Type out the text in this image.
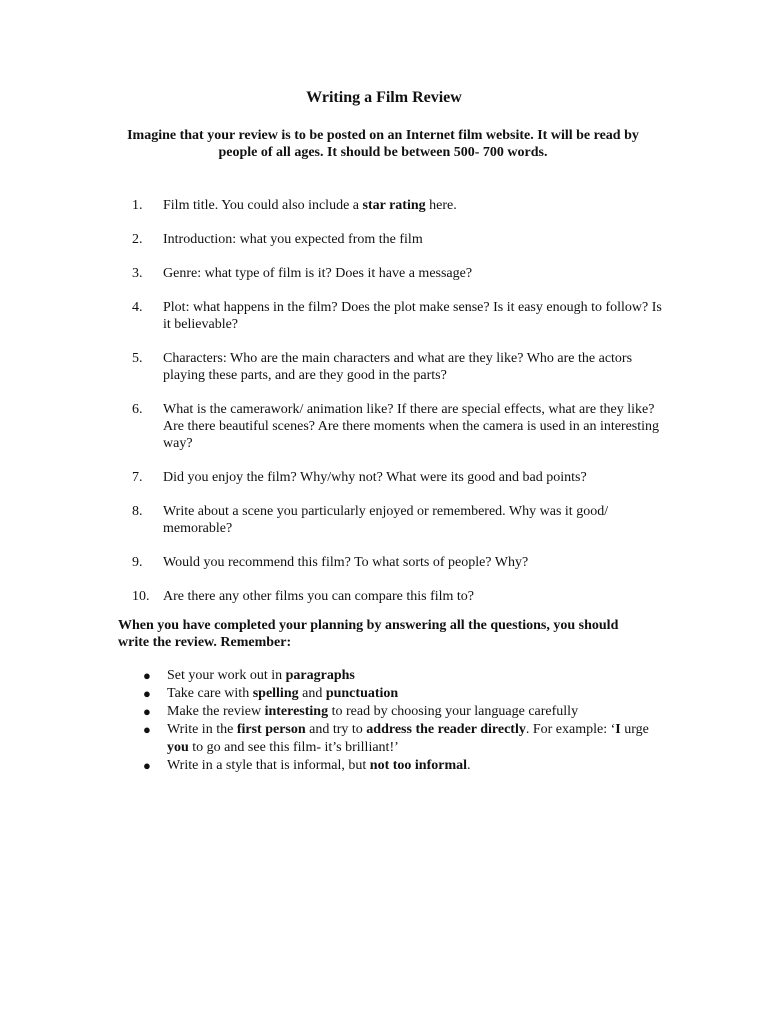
Writing a Film Review
Imagine that your review is to be posted on an Internet film website. It will be read by people of all ages. It should be between 500- 700 words.
1. Film title. You could also include a star rating here.
2. Introduction: what you expected from the film
3. Genre: what type of film is it? Does it have a message?
4. Plot: what happens in the film? Does the plot make sense? Is it easy enough to follow? Is it believable?
5. Characters: Who are the main characters and what are they like? Who are the actors playing these parts, and are they good in the parts?
6. What is the camerawork/ animation like? If there are special effects, what are they like? Are there beautiful scenes? Are there moments when the camera is used in an interesting way?
7. Did you enjoy the film? Why/why not? What were its good and bad points?
8. Write about a scene you particularly enjoyed or remembered. Why was it good/ memorable?
9. Would you recommend this film? To what sorts of people? Why?
10. Are there any other films you can compare this film to?
When you have completed your planning by answering all the questions, you should write the review. Remember:
● Set your work out in paragraphs
● Take care with spelling and punctuation
● Make the review interesting to read by choosing your language carefully
● Write in the first person and try to address the reader directly. For example: ‘I urge you to go and see this film- it’s brilliant!’
● Write in a style that is informal, but not too informal.
